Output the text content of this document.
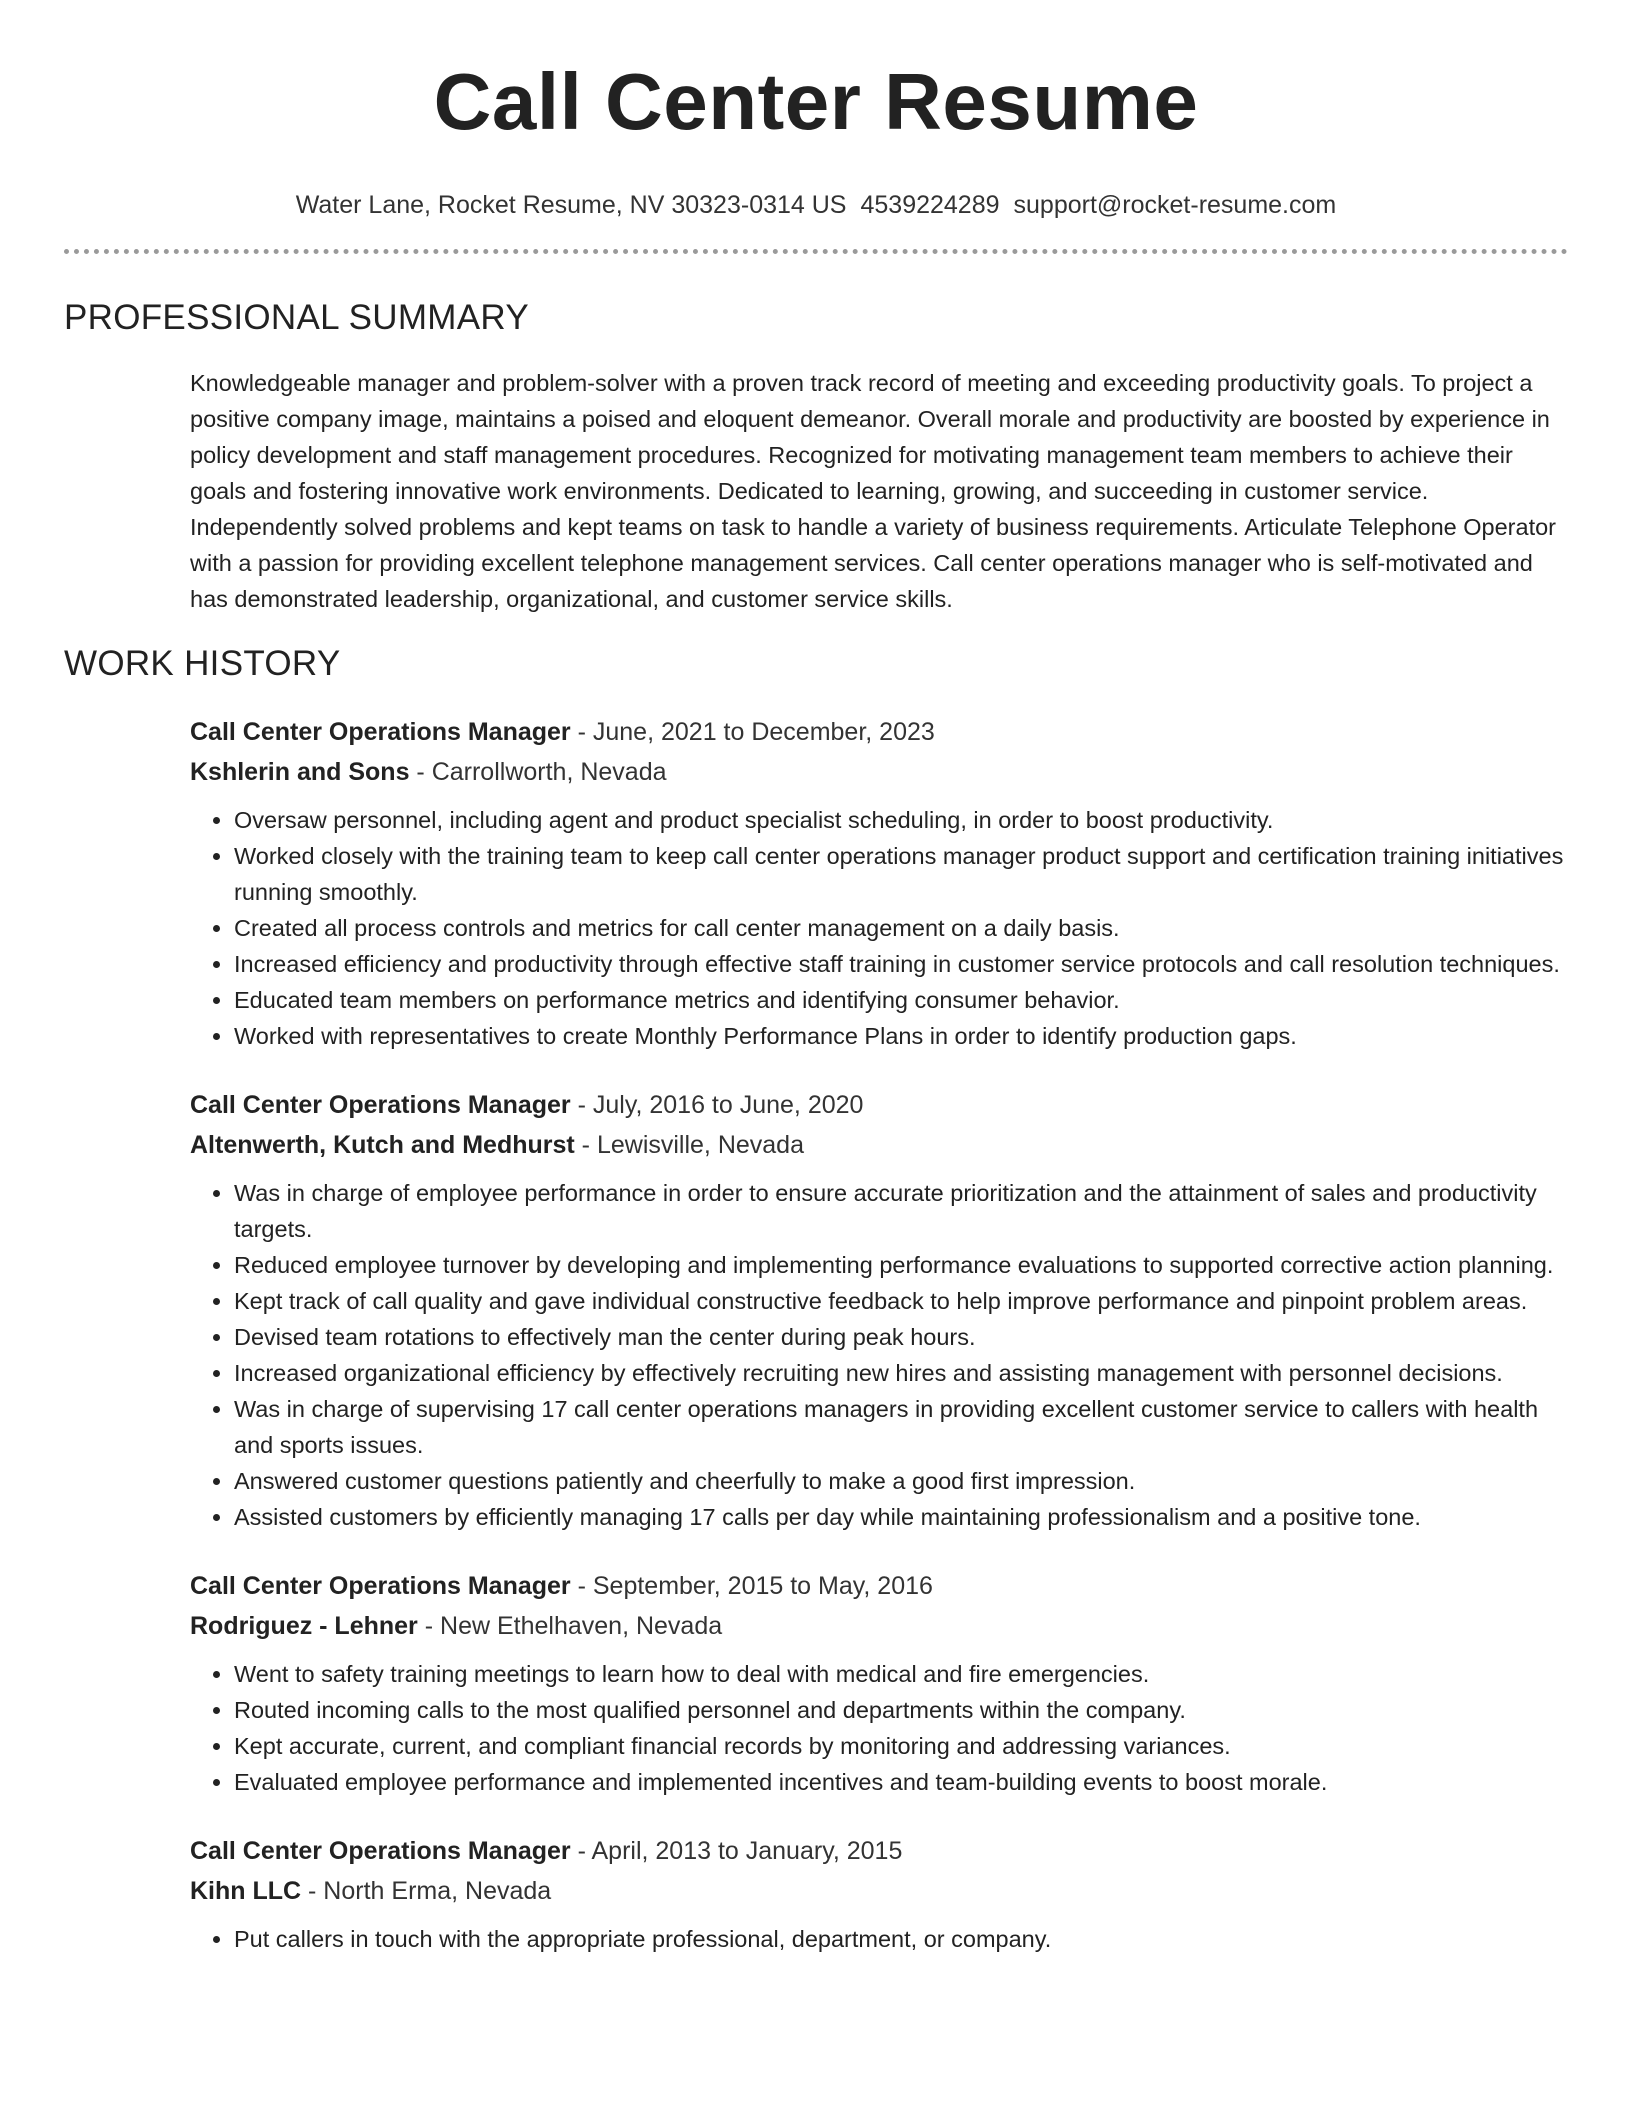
Call Center Resume
Water Lane, Rocket Resume, NV 30323-0314 US 4539224289 support@rocket-resume.com
PROFESSIONAL SUMMARY

Knowledgeable manager and problem-solver with a proven track record of meeting and exceeding productivity goals. To project a positive company image, maintains a poised and eloquent demeanor. Overall morale and productivity are boosted by experience in policy development and staff management procedures. Recognized for motivating management team members to achieve their goals and fostering innovative work environments. Dedicated to learning, growing, and succeeding in customer service. Independently solved problems and kept teams on task to handle a variety of business requirements. Articulate Telephone Operator with a passion for providing excellent telephone management services. Call center operations manager who is self-motivated and has demonstrated leadership, organizational, and customer service skills.

WORK HISTORY
Call Center Operations Manager - June, 2021 to December, 2023
Kshlerin and Sons - Carrollworth, Nevada
• Oversaw personnel, including agent and product specialist scheduling, in order to boost productivity.
• Worked closely with the training team to keep call center operations manager product support and certification training initiatives running smoothly.
• Created all process controls and metrics for call center management on a daily basis.
• Increased efficiency and productivity through effective staff training in customer service protocols and call resolution techniques.
• Educated team members on performance metrics and identifying consumer behavior.
• Worked with representatives to create Monthly Performance Plans in order to identify production gaps.
Call Center Operations Manager - July, 2016 to June, 2020
Altenwerth, Kutch and Medhurst - Lewisville, Nevada
• Was in charge of employee performance in order to ensure accurate prioritization and the attainment of sales and productivity targets.
• Reduced employee turnover by developing and implementing performance evaluations to supported corrective action planning.
• Kept track of call quality and gave individual constructive feedback to help improve performance and pinpoint problem areas.
• Devised team rotations to effectively man the center during peak hours.
• Increased organizational efficiency by effectively recruiting new hires and assisting management with personnel decisions.
• Was in charge of supervising 17 call center operations managers in providing excellent customer service to callers with health and sports issues.
• Answered customer questions patiently and cheerfully to make a good first impression.
• Assisted customers by efficiently managing 17 calls per day while maintaining professionalism and a positive tone.
Call Center Operations Manager - September, 2015 to May, 2016
Rodriguez - Lehner - New Ethelhaven, Nevada
• Went to safety training meetings to learn how to deal with medical and fire emergencies.
• Routed incoming calls to the most qualified personnel and departments within the company.
• Kept accurate, current, and compliant financial records by monitoring and addressing variances.
• Evaluated employee performance and implemented incentives and team-building events to boost morale.
Call Center Operations Manager - April, 2013 to January, 2015
Kihn LLC - North Erma, Nevada
• Put callers in touch with the appropriate professional, department, or company.
